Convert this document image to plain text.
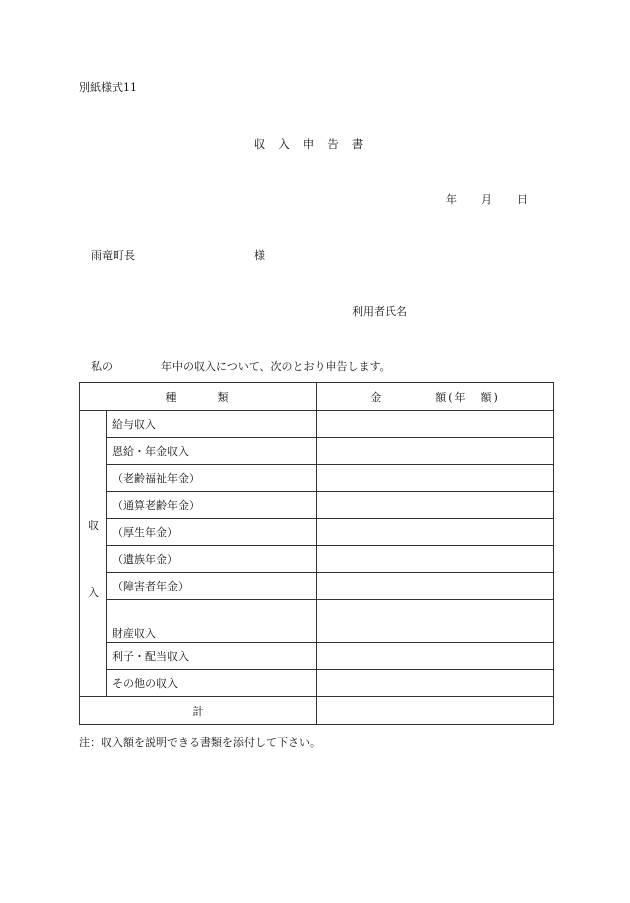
別紙様式11
収入申告書
年 月 日
雨竜町長	様
利用者氏名
私の	年中の収入について、次のとおり申告します。
種　　　類		金　　　　額(年　額)

収
入	給与収入	
	恩給・年金収入	
	（老齢福祉年金）	
	（通算老齢年金）	
	（厚生年金）	
	（遺族年金）	
	（障害者年金）	
	財産収入	
	利子・配当収入	
	その他の収入	
計		
注：収入額を説明できる書類を添付して下さい。
